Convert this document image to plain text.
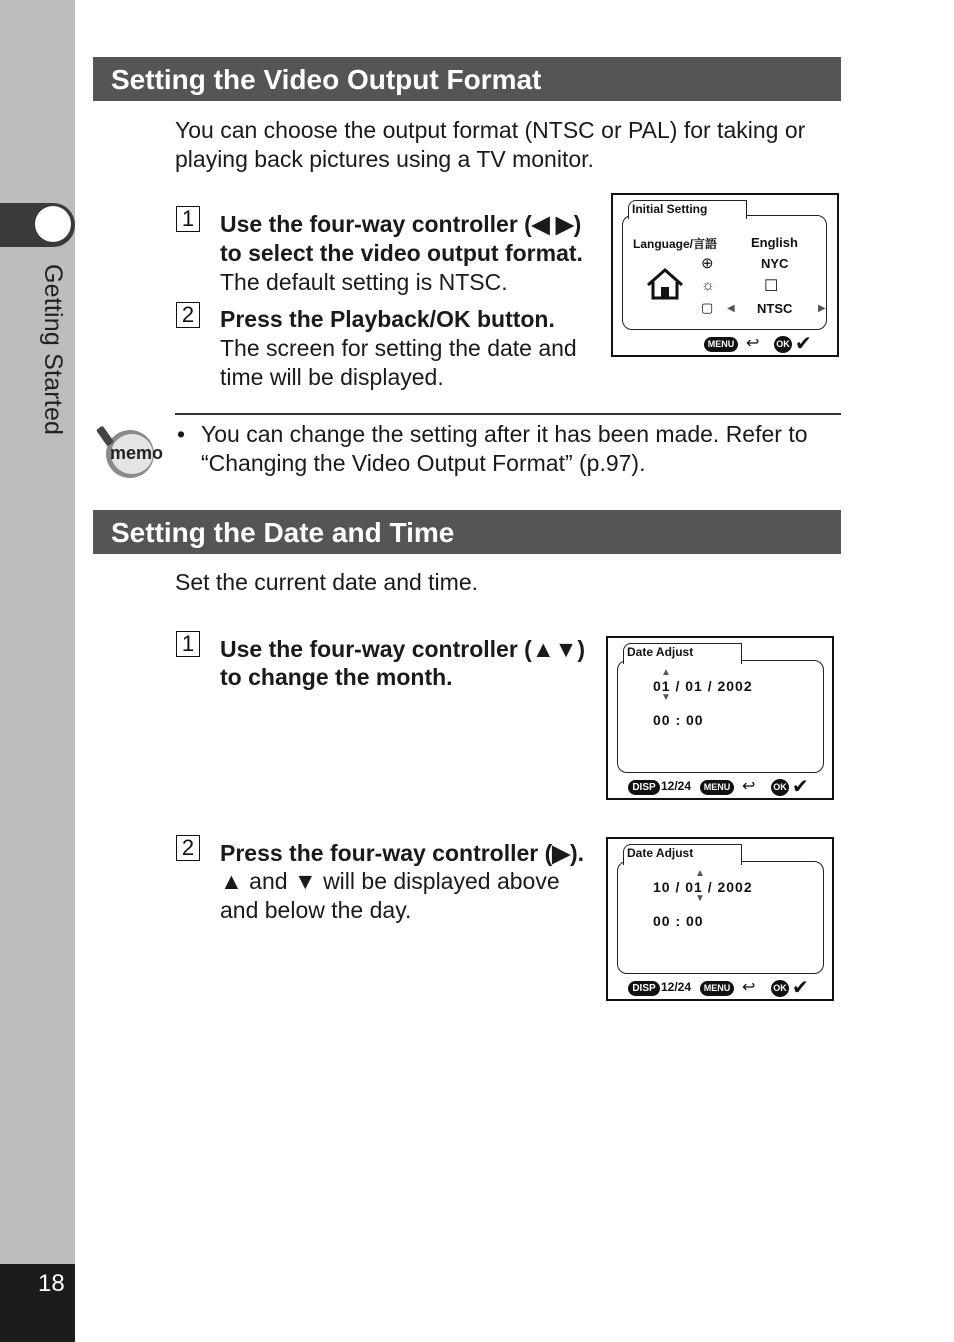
Getting Started
18
Setting the Video Output Format
You can choose the output format (NTSC or PAL) for taking or playing back pictures using a TV monitor.
1 Use the four-way controller (◀ ▶)
to select the video output format.
The default setting is NTSC.
2 Press the Playback/OK button.
The screen for setting the date and
time will be displayed.
Initial Setting
Language/言語	English
NYC
⊕
☼	☐
▢ ◀ NTSC	▶
MENU ↩ OK ✔
memo
• You can change the setting after it has been made. Refer to
“Changing the Video Output Format” (p.97).
Setting the Date and Time
Set the current date and time.
1 Use the four-way controller (▲▼)
to change the month.
Date Adjust
▲
01 / 01 / 2002
▼
00 : 00
DISP 12/24	MENU ↩ OK ✔
2 Press the four-way controller (▶).
▲ and ▼ will be displayed above
and below the day.
Date Adjust
▲
10 / 01 / 2002
▼
00 : 00
DISP 12/24	MENU ↩ OK ✔
